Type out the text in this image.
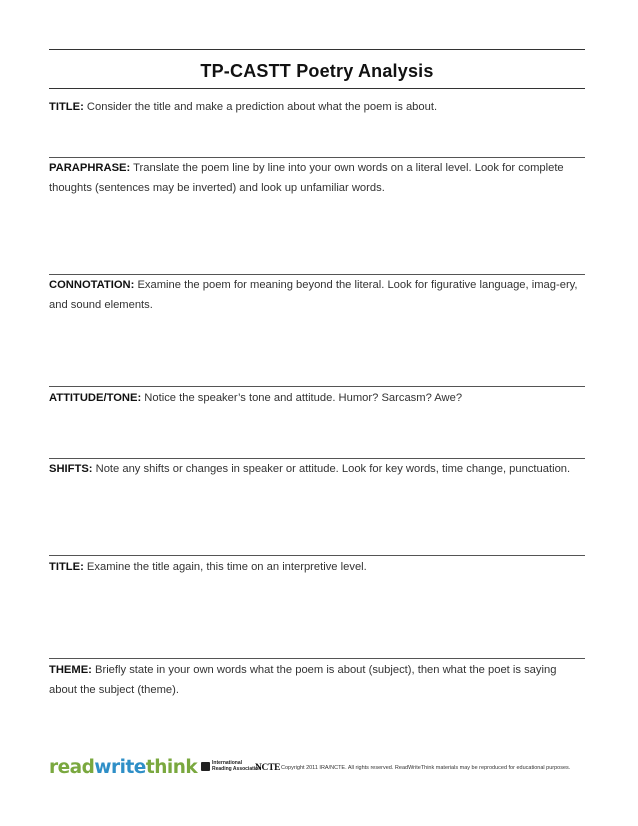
TP-CASTT Poetry Analysis
TITLE: Consider the title and make a prediction about what the poem is about.
PARAPHRASE: Translate the poem line by line into your own words on a literal level. Look for complete thoughts (sentences may be inverted) and look up unfamiliar words.
CONNOTATION: Examine the poem for meaning beyond the literal. Look for figurative language, imag-ery, and sound elements.
ATTITUDE/TONE: Notice the speaker’s tone and attitude. Humor? Sarcasm? Awe?
SHIFTS: Note any shifts or changes in speaker or attitude. Look for key words, time change, punctuation.
TITLE: Examine the title again, this time on an interpretive level.
THEME: Briefly state in your own words what the poem is about (subject), then what the poet is saying about the subject (theme).
readwritethink	International
Reading Association
NCTE Copyright 2011 IRA/NCTE. All rights reserved. ReadWriteThink materials may be reproduced for educational purposes.
